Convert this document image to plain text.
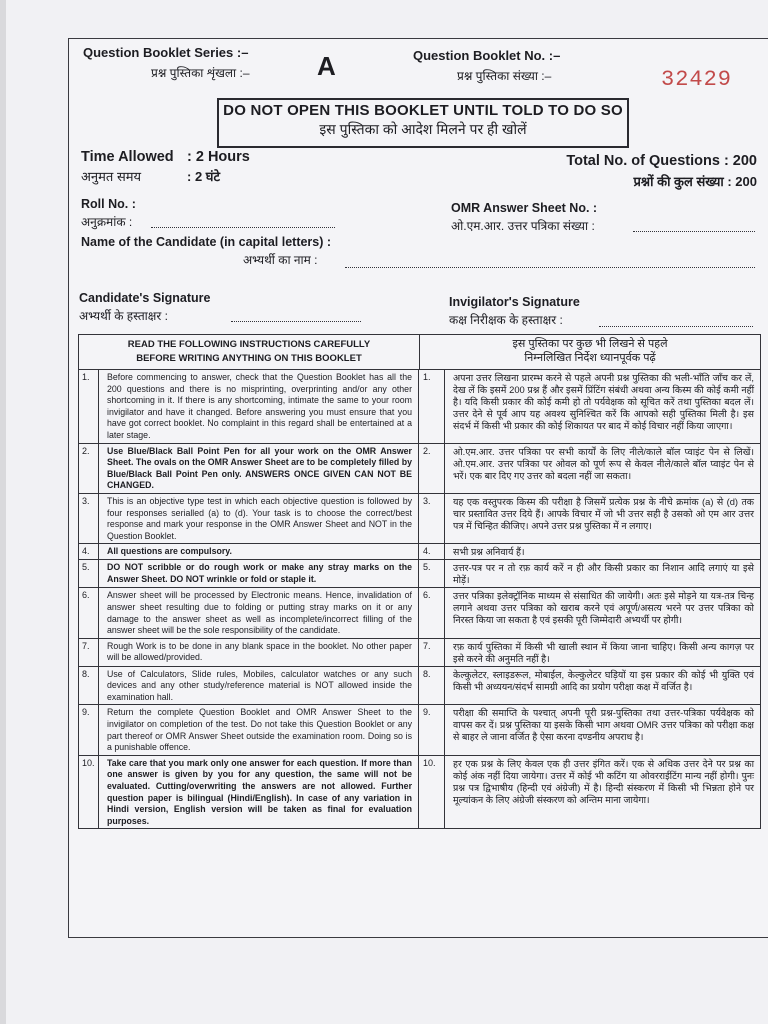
Question Booklet Series :–
प्रश्न पुस्तिका शृंखला :–	A	Question Booklet No. :–
प्रश्न पुस्तिका संख्या :–	32429
DO NOT OPEN THIS BOOKLET UNTIL TOLD TO DO SO
इस पुस्तिका को आदेश मिलने पर ही खोलें
Time Allowed : 2 Hours
अनुमत समय	: 2 घंटे
Total No. of Questions : 200
प्रश्नों की कुल संख्या : 200
Roll No. :
अनुक्रमांक :
OMR Answer Sheet No. :
ओ.एम.आर. उत्तर पत्रिका संख्या :
Name of the Candidate (in capital letters) :
अभ्यर्थी का नाम :
Candidate's Signature
अभ्यर्थी के हस्ताक्षर :
Invigilator's Signature
कक्ष निरीक्षक के हस्ताक्षर :
READ THE FOLLOWING INSTRUCTIONS CAREFULLY
BEFORE WRITING ANYTHING ON THIS BOOKLET
इस पुस्तिका पर कुछ भी लिखने से पहले
निम्नलिखित निर्देश ध्यानपूर्वक पढ़ें
1.	Before commencing to answer, check that the Question Booklet has all the 200 questions and there is no misprinting, overprinting and/or any other shortcoming in it. If there is any shortcoming, intimate the same to your room invigilator and have it changed. Before answering you must ensure that you have got correct booklet. No complaint in this regard shall be entertained at a later stage.
1.	अपना उत्तर लिखना प्रारम्भ करने से पहले अपनी प्रश्न पुस्तिका की भली-भाँति जाँच कर लें, देख लें कि इसमें 200 प्रश्न हैं और इसमें प्रिंटिंग संबंधी अथवा अन्य किस्म की कोई कमी नहीं है। यदि किसी प्रकार की कोई कमी हो तो पर्यवेक्षक को सूचित करें तथा पुस्तिका बदल लें। उत्तर देने से पूर्व आप यह अवश्य सुनिश्चित करें कि आपको सही पुस्तिका मिली है। इस संदर्भ में किसी भी प्रकार की कोई शिकायत पर बाद में कोई विचार नहीं किया जाएगा।
2.	Use Blue/Black Ball Point Pen for all your work on the OMR Answer Sheet. The ovals on the OMR Answer Sheet are to be completely filled by Blue/Black Ball Point Pen only. ANSWERS ONCE GIVEN CAN NOT BE CHANGED.
2.	ओ.एम.आर. उत्तर पत्रिका पर सभी कार्यों के लिए नीले/काले बॉल प्वाइंट पेन से लिखें। ओ.एम.आर. उत्तर पत्रिका पर ओवल को पूर्ण रूप से केवल नीले/काले बॉल प्वाइंट पेन से भरें। एक बार दिए गए उत्तर को बदला नहीं जा सकता।
3.	This is an objective type test in which each objective question is followed by four responses serialled (a) to (d). Your task is to choose the correct/best response and mark your response in the OMR Answer Sheet and NOT in the Question Booklet.
3.	यह एक वस्तुपरक किस्म की परीक्षा है जिसमें प्रत्येक प्रश्न के नीचे क्रमांक (a) से (d) तक चार प्रस्तावित उत्तर दिये हैं। आपके विचार में जो भी उत्तर सही है उसको ओ एम आर उत्तर पत्र में चिन्हित कीजिए। अपने उत्तर प्रश्न पुस्तिका में न लगाए।
4.	All questions are compulsory.	4.	सभी प्रश्न अनिवार्य हैं।
5.	DO NOT scribble or do rough work or make any stray marks on the Answer Sheet. DO NOT wrinkle or fold or staple it.
5.	उत्तर-पत्र पर न तो रफ़ कार्य करें न ही और किसी प्रकार का निशान आदि लगाएं या इसे मोड़ें।
6.	Answer sheet will be processed by Electronic means. Hence, invalidation of answer sheet resulting due to folding or putting stray marks on it or any damage to the answer sheet as well as incomplete/incorrect filling of the answer sheet will be the sole responsibility of the candidate.
6.	उत्तर पत्रिका इलेक्ट्रॉनिक माध्यम से संसाधित की जायेगी। अतः इसे मोड़ने या यत्र-तत्र चिन्ह लगाने अथवा उत्तर पत्रिका को खराब करने एवं अपूर्ण/असत्य भरने पर उत्तर पत्रिका को निरस्त किया जा सकता है एवं इसकी पूरी जिम्मेदारी अभ्यर्थी पर होगी।
7.	Rough Work is to be done in any blank space in the booklet. No other paper will be allowed/provided.
7.	रफ़ कार्य पुस्तिका में किसी भी खाली स्थान में किया जाना चाहिए। किसी अन्य कागज़ पर इसे करने की अनुमति नहीं है।
8.	Use of Calculators, Slide rules, Mobiles, calculator watches or any such devices and any other study/reference material is NOT allowed inside the examination hall.
8.	केल्कुलेटर, स्लाइडरूल, मोबाईल, केल्कुलेटर घड़ियों या इस प्रकार की कोई भी युक्ति एवं किसी भी अध्ययन/संदर्भ सामग्री आदि का प्रयोग परीक्षा कक्ष में वर्जित है।
9.	Return the complete Question Booklet and OMR Answer Sheet to the invigilator on completion of the test. Do not take this Question Booklet or any part thereof or OMR Answer Sheet outside the examination room. Doing so is a punishable offence.
9.	परीक्षा की समाप्ति के पश्चात् अपनी पूरी प्रश्न-पुस्तिका तथा उत्तर-पत्रिका पर्यवेक्षक को वापस कर दें। प्रश्न पुस्तिका या इसके किसी भाग अथवा OMR उत्तर पत्रिका को परीक्षा कक्ष से बाहर ले जाना वर्जित है ऐसा करना दण्डनीय अपराध है।
10.	Take care that you mark only one answer for each question. If more than one answer is given by you for any question, the same will not be evaluated. Cutting/overwriting the answers are not allowed. Further question paper is bilingual (Hindi/English). In case of any variation in Hindi version, English version will be taken as final for evaluation purposes.
10.	हर एक प्रश्न के लिए केवल एक ही उत्तर इंगित करें। एक से अधिक उत्तर देने पर प्रश्न का कोई अंक नहीं दिया जायेगा। उत्तर में कोई भी कटिंग या ओवरराईटिंग मान्य नहीं होगी। पुनः प्रश्न पत्र द्विभाषीय (हिन्दी एवं अंग्रेजी) में है। हिन्दी संस्करण में किसी भी भिन्नता होने पर मूल्यांकन के लिए अंग्रेजी संस्करण को अन्तिम माना जायेगा।
